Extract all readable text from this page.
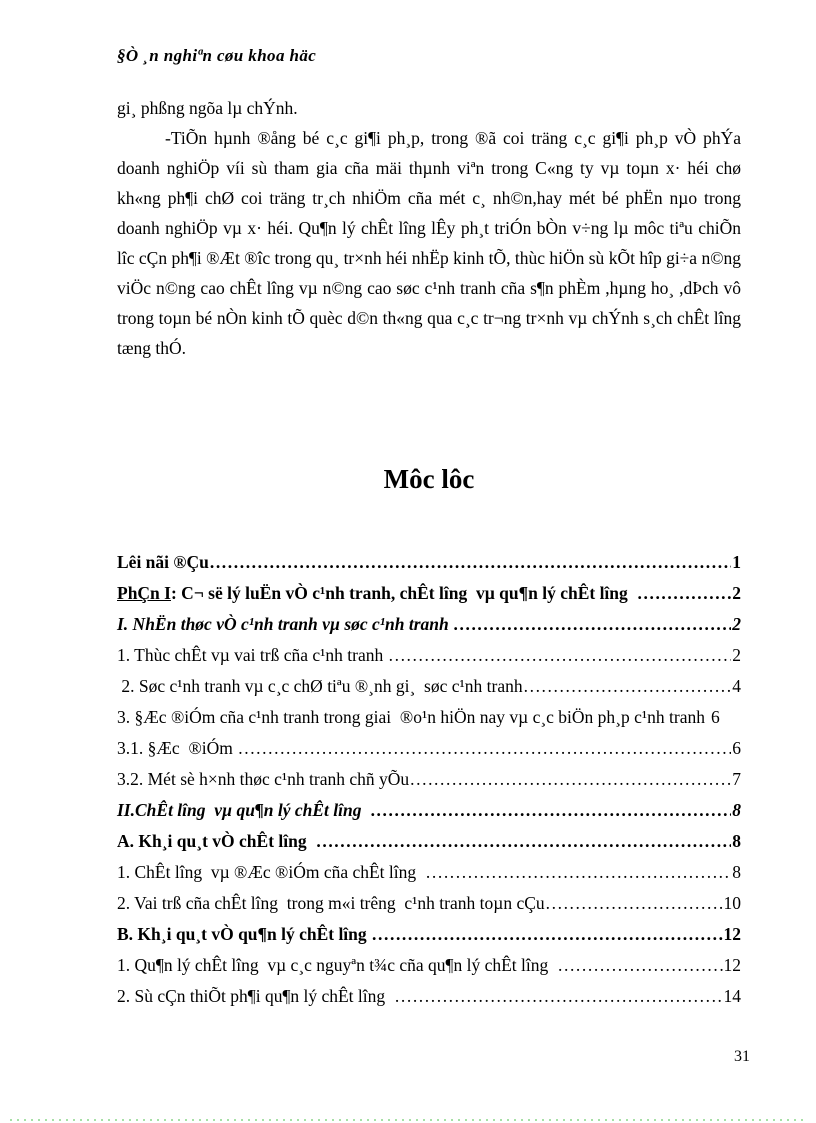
§Ò ¸n nghiªn cøu khoa häc

gi¸ phßng ngõa lµ chÝnh.

-TiÕn hµnh ®ång bé c¸c gi¶i ph¸p, trong ®ã coi träng c¸c gi¶i ph¸p vÒ phÝa doanh nghiÖp víi sù tham gia cña mäi thµnh viªn trong C«ng ty vµ toµn x· héi chø kh«ng ph¶i chØ coi träng tr¸ch nhiÖm cña mét c¸ nh©n,hay mét bé phËn nµo trong doanh nghiÖp vµ x· héi. Qu¶n lý chÊt lîng lÊy ph¸t triÓn bÒn v÷ng lµ môc tiªu chiÕn lîc cÇn ph¶i ®Æt ®îc trong qu¸ tr×nh héi nhËp kinh tÕ, thùc hiÖn sù kÕt hîp gi÷a n©ng viÖc n©ng cao chÊt lîng vµ n©ng cao søc c¹nh tranh cña s¶n phÈm ,hµng ho¸ ,dÞch vô trong toµn bé nÒn kinh tÕ quèc d©n th«ng qua c¸c tr¬ng tr×nh vµ chÝnh s¸ch chÊt lîng tæng thÓ.

Môc lôc
Lêi nãi ®Çu .....	1
PhÇn I: C¬ së lý luËn vÒ c¹nh tranh, chÊt lîng  vµ qu¶n lý chÊt lîng .....	2
I. NhËn thøc vÒ c¹nh tranh vµ søc c¹nh tranh .....	2
1. Thùc chÊt vµ vai trß cña c¹nh tranh .....	2
2. Søc c¹nh tranh vµ c¸c chØ tiªu ®¸nh gi¸  søc c¹nh tranh .....	4
3. §Æc ®iÓm cña c¹nh tranh trong giai  ®o¹n hiÖn nay vµ c¸c biÖn ph¸p c¹nh tranh 6
3.1. §Æc  ®iÓm .....	6
3.2. Mét sè h×nh thøc c¹nh tranh chñ yÕu .....	7
II.ChÊt lîng  vµ qu¶n lý chÊt lîng .....	8
A. Kh¸i qu¸t vÒ chÊt lîng .....	8
1. ChÊt lîng  vµ ®Æc ®iÓm cña chÊt lîng .....	8
2. Vai trß cña chÊt lîng  trong m«i trêng  c¹nh tranh toµn cÇu .....	10
B. Kh¸i qu¸t vÒ qu¶n lý chÊt lîng .....	12
1. Qu¶n lý chÊt lîng  vµ c¸c nguyªn t¾c cña qu¶n lý chÊt lîng .....	12
2. Sù cÇn thiÕt ph¶i qu¶n lý chÊt lîng .....	14
31
